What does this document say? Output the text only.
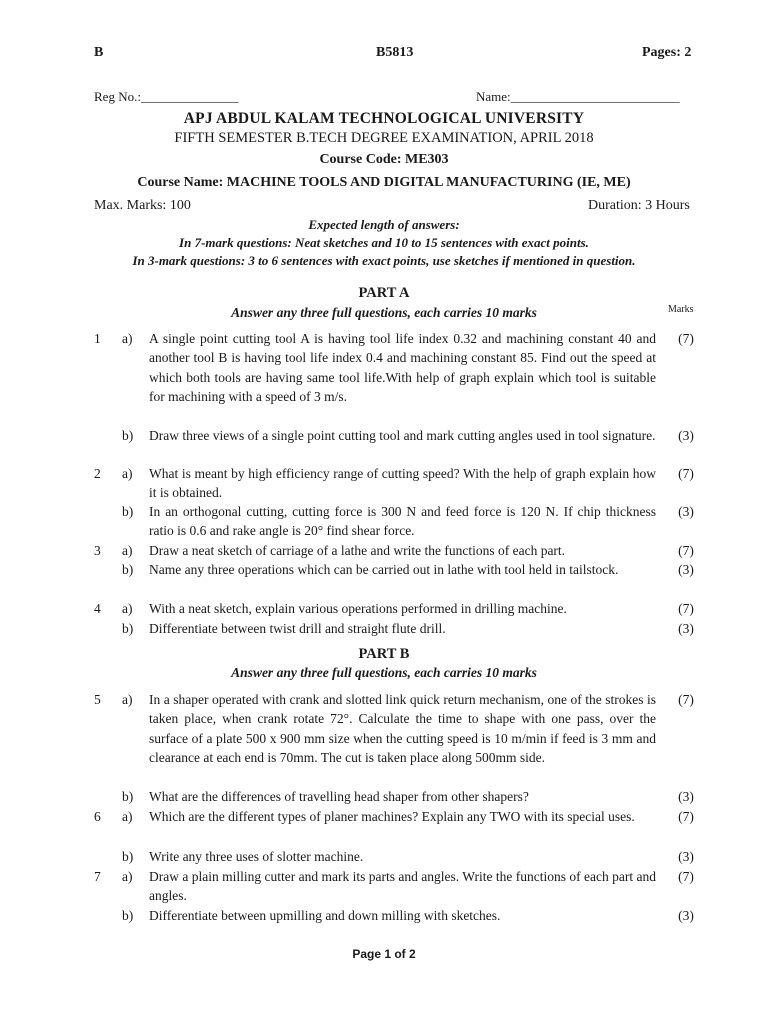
B	B5813	Pages: 2
Reg No.:_______________	Name:__________________________
APJ ABDUL KALAM TECHNOLOGICAL UNIVERSITY
FIFTH SEMESTER B.TECH DEGREE EXAMINATION, APRIL 2018
Course Code: ME303
Course Name: MACHINE TOOLS AND DIGITAL MANUFACTURING (IE, ME)
Max. Marks: 100	Duration: 3 Hours
Expected length of answers:
In 7-mark questions: Neat sketches and 10 to 15 sentences with exact points.
In 3-mark questions: 3 to 6 sentences with exact points, use sketches if mentioned in question.
PART A
Answer any three full questions, each carries 10 marks	Marks
1 a) A single point cutting tool A is having tool life index 0.32 and machining constant 40 and another tool B is having tool life index 0.4 and machining constant 85. Find out the speed at which both tools are having same tool life.With help of graph explain which tool is suitable for machining with a speed of 3 m/s.
(7)
b) Draw three views of a single point cutting tool and mark cutting angles used in tool signature.	(3)
2 a) What is meant by high efficiency range of cutting speed? With the help of graph explain how it is obtained.
(7)
b) In an orthogonal cutting, cutting force is 300 N and feed force is 120 N. If chip thickness ratio is 0.6 and rake angle is 20° find shear force.
(3)
3 a) Draw a neat sketch of carriage of a lathe and write the functions of each part.	(7)
b) Name any three operations which can be carried out in lathe with tool held in tailstock.	(3)
4 a) With a neat sketch, explain various operations performed in drilling machine.	(7)
b) Differentiate between twist drill and straight flute drill.	(3)
PART B
Answer any three full questions, each carries 10 marks
5 a) In a shaper operated with crank and slotted link quick return mechanism, one of the strokes is taken place, when crank rotate 72°. Calculate the time to shape with one pass, over the surface of a plate 500 x 900 mm size when the cutting speed is 10 m/min if feed is 3 mm and clearance at each end is 70mm. The cut is taken place along 500mm side.
(7)
b) What are the differences of travelling head shaper from other shapers?	(3)
6 a) Which are the different types of planer machines? Explain any TWO with its special uses.	(7)
b) Write any three uses of slotter machine.	(3)
7 a) Draw a plain milling cutter and mark its parts and angles. Write the functions of each part and angles.
(7)
b) Differentiate between upmilling and down milling with sketches.	(3)
Page 1 of 2
